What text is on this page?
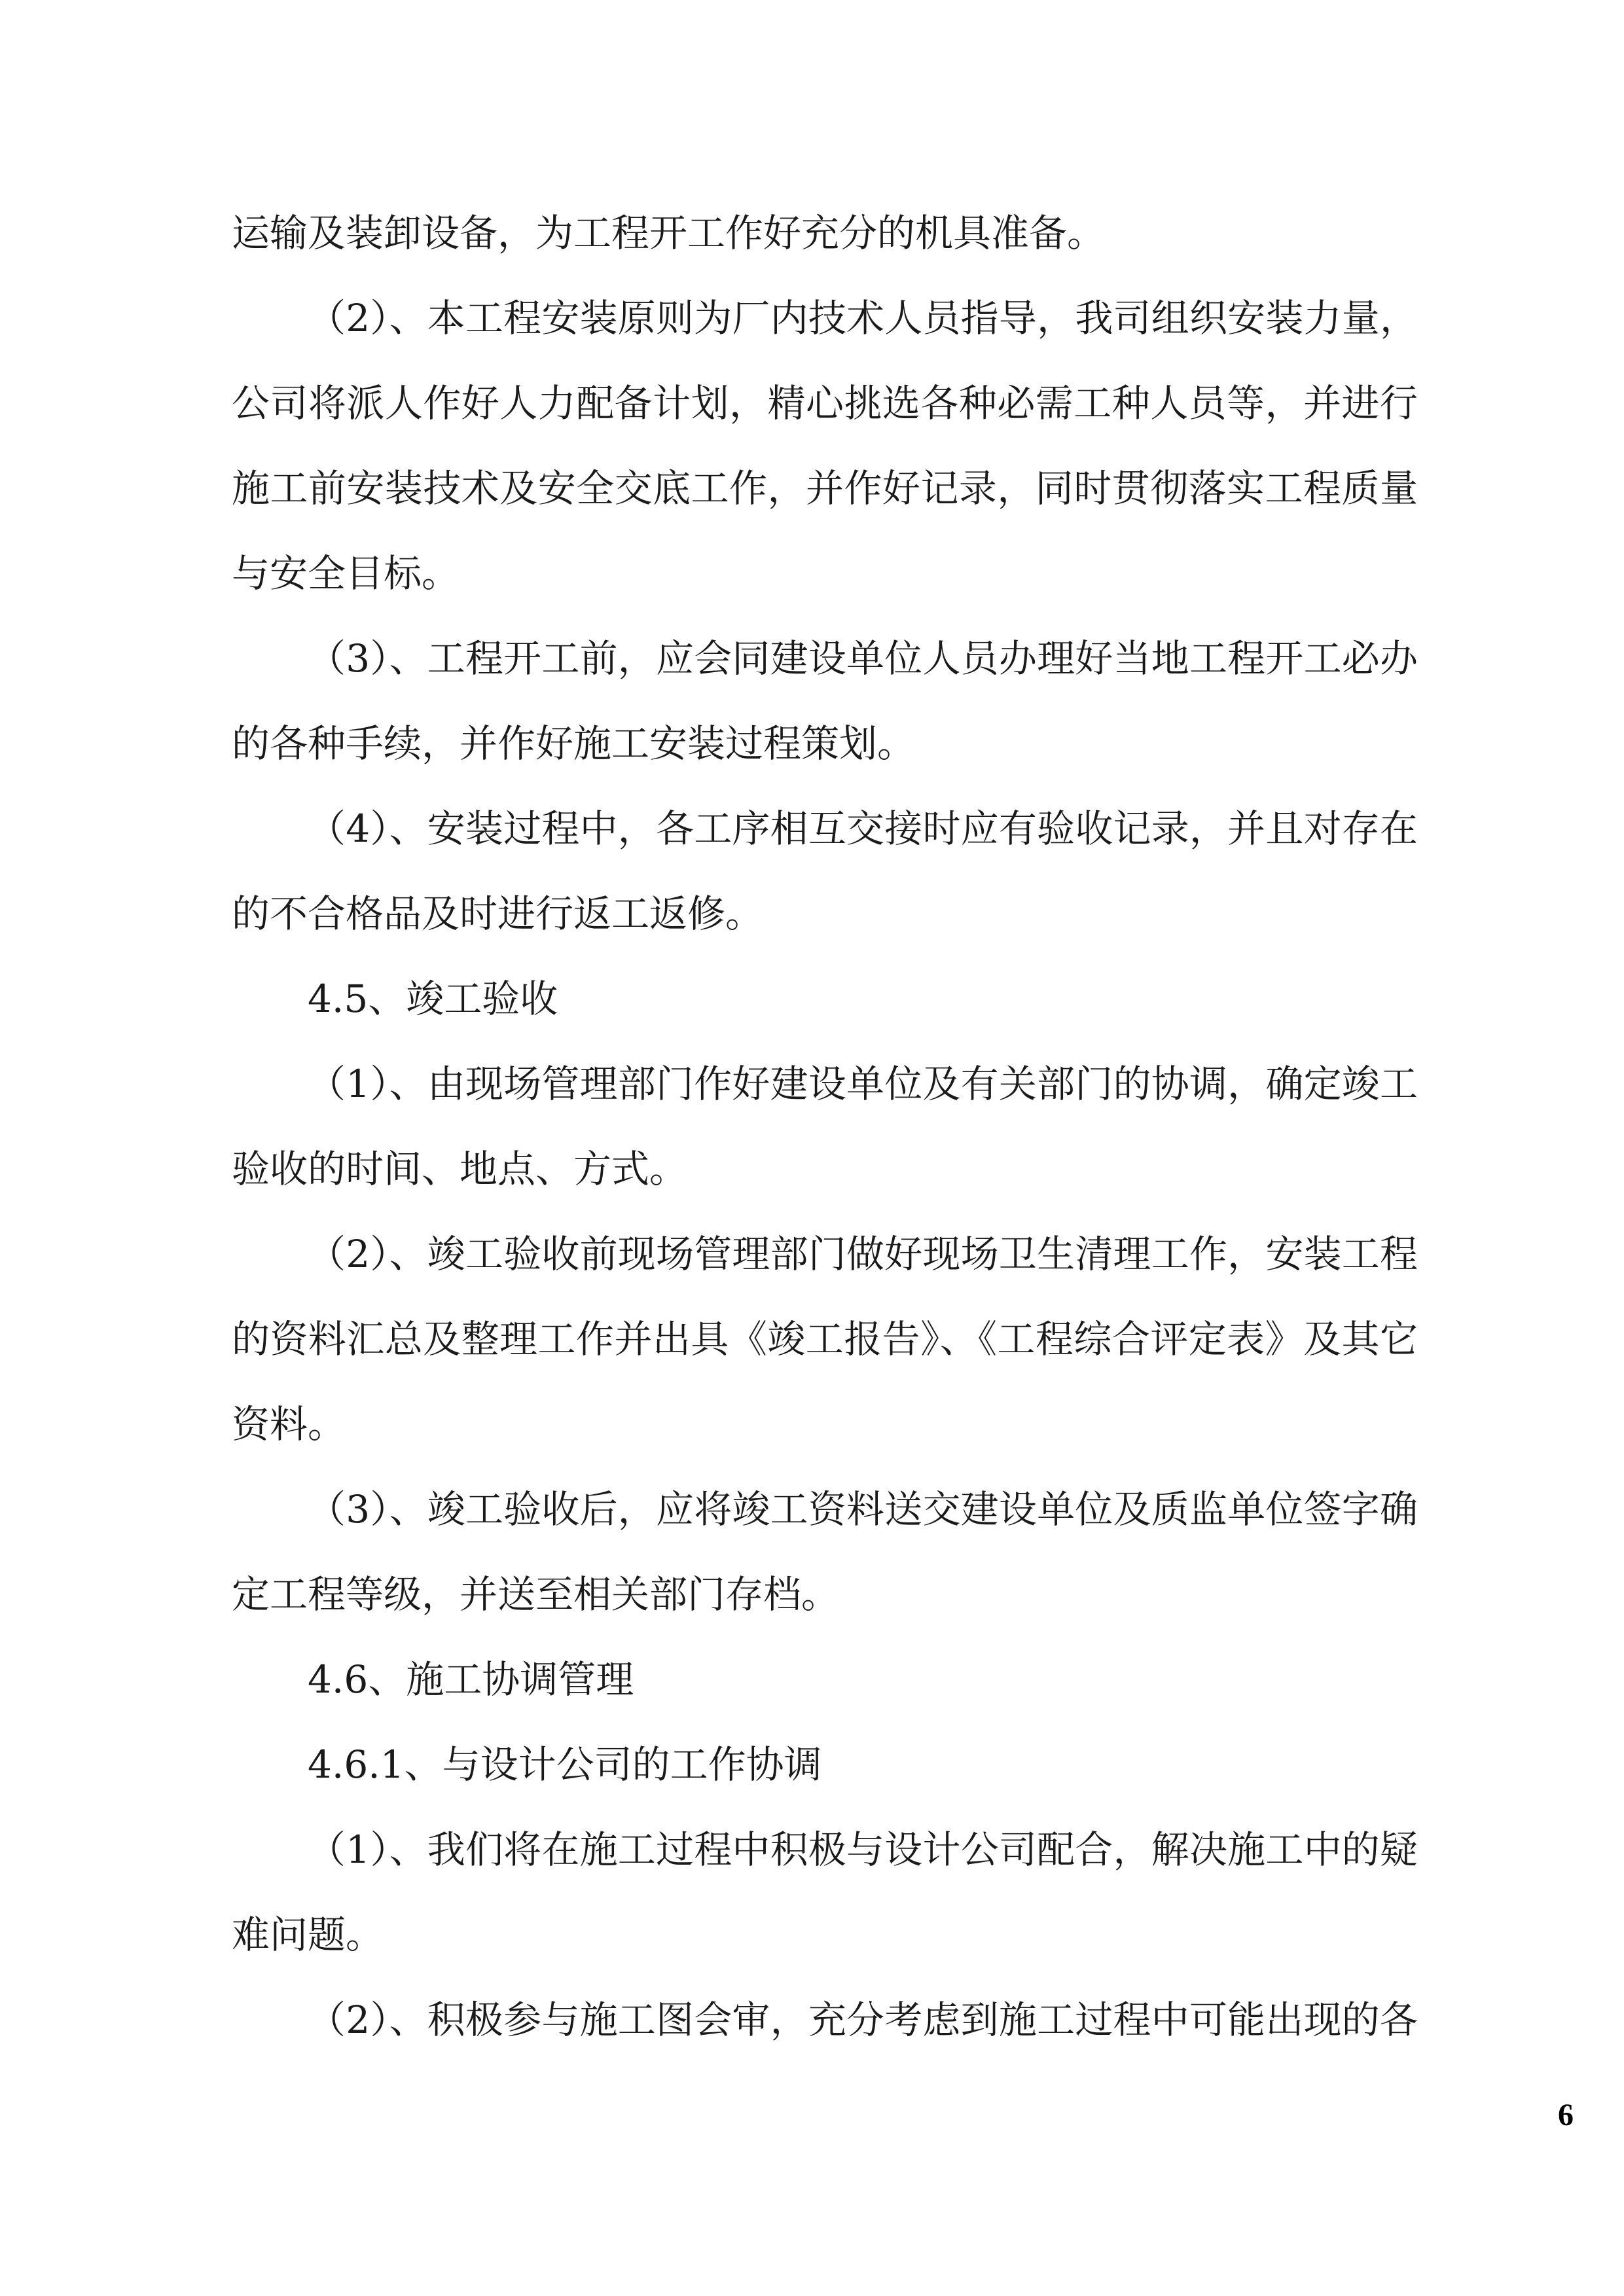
运输及装卸设备，为工程开工作好充分的机具准备。
（2）、本工程安装原则为厂内技术人员指导，我司组织安装力量，
公司将派人作好人力配备计划，精心挑选各种必需工种人员等，并进行
施工前安装技术及安全交底工作，并作好记录，同时贯彻落实工程质量
与安全目标。
（3）、工程开工前，应会同建设单位人员办理好当地工程开工必办
的各种手续，并作好施工安装过程策划。
（4）、安装过程中，各工序相互交接时应有验收记录，并且对存在
的不合格品及时进行返工返修。
4.5、竣工验收
（1）、由现场管理部门作好建设单位及有关部门的协调，确定竣工
验收的时间、地点、方式。
（2）、竣工验收前现场管理部门做好现场卫生清理工作，安装工程
的资料汇总及整理工作并出具《竣工报告》、《工程综合评定表》及其它
资料。
（3）、竣工验收后，应将竣工资料送交建设单位及质监单位签字确
定工程等级，并送至相关部门存档。
4.6、施工协调管理
4.6.1、与设计公司的工作协调
（1）、我们将在施工过程中积极与设计公司配合，解决施工中的疑
难问题。
（2）、积极参与施工图会审，充分考虑到施工过程中可能出现的各
6
